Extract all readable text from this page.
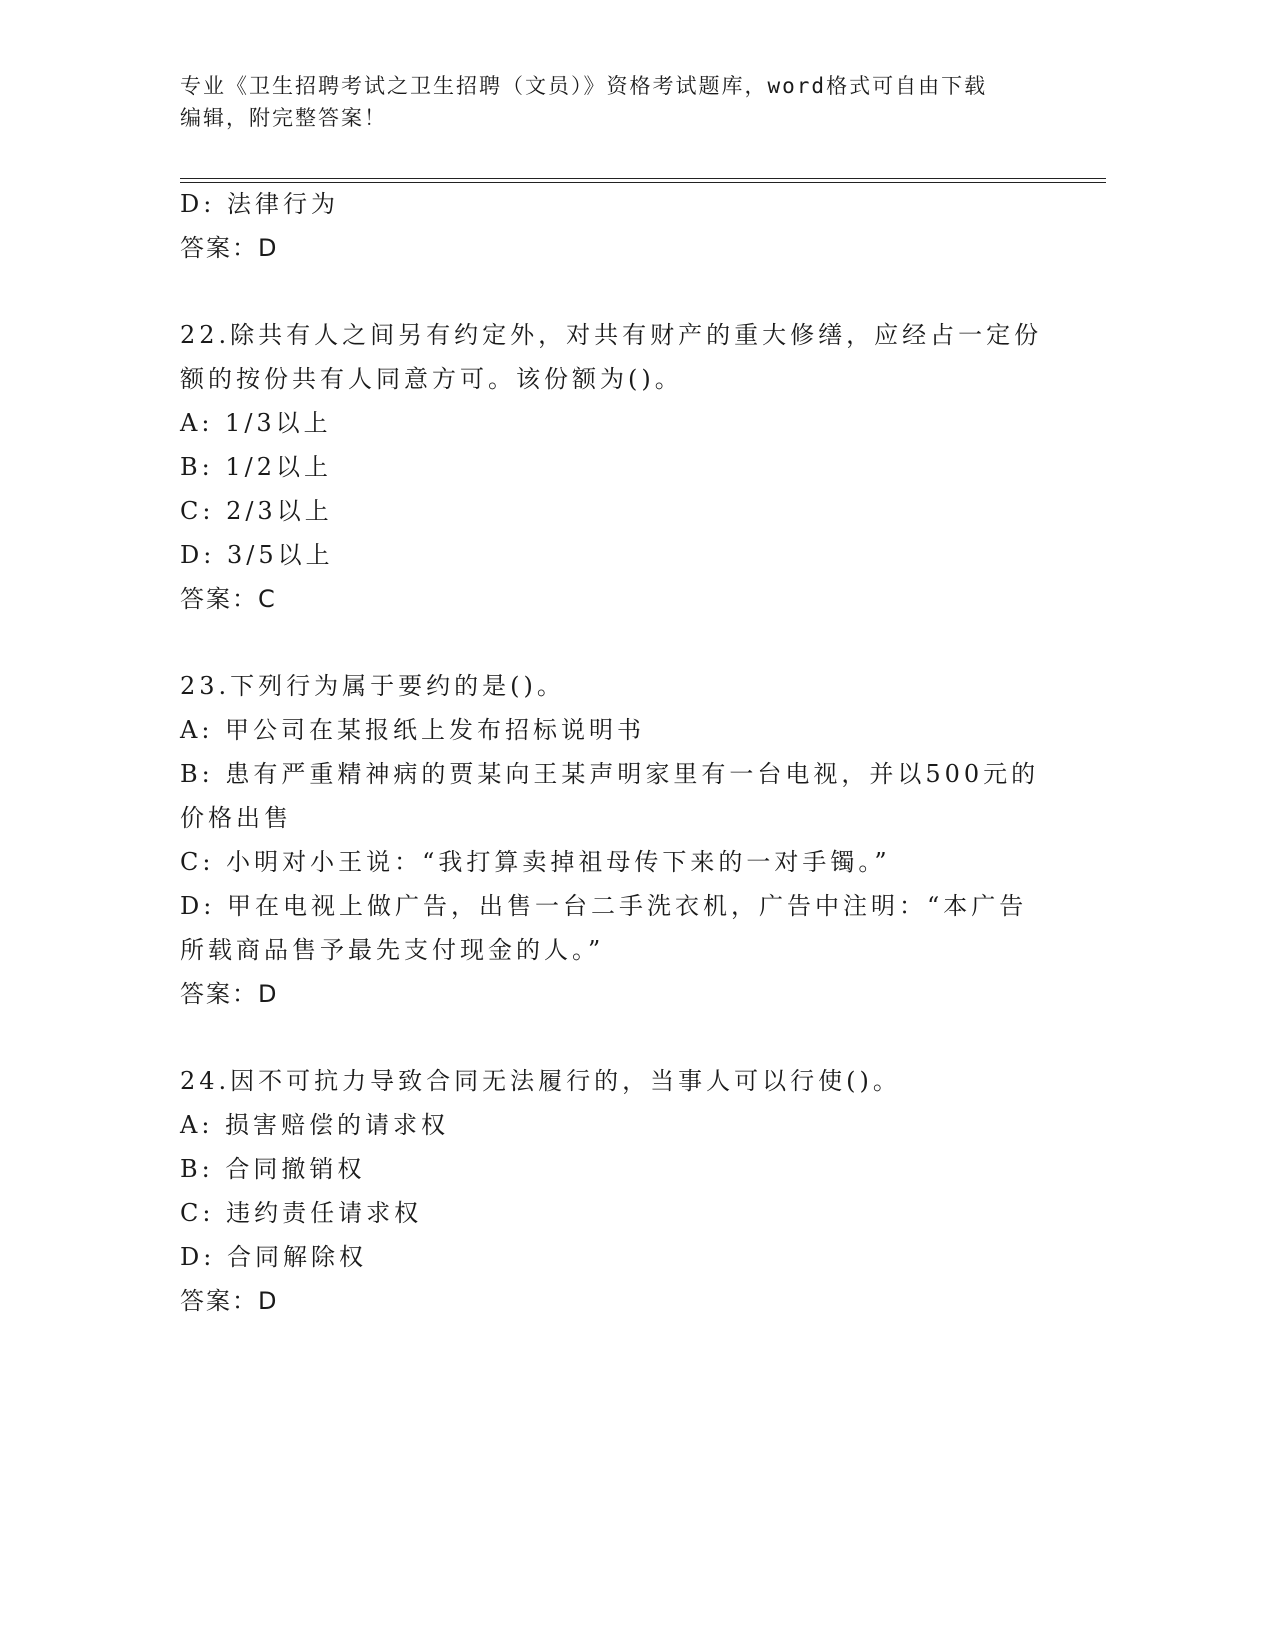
专业《卫生招聘考试之卫生招聘（文员）》资格考试题库，word格式可自由下载
编辑，附完整答案！
D: 法律行为
答案：D
22.除共有人之间另有约定外，对共有财产的重大修缮，应经占一定份
额的按份共有人同意方可。该份额为()。
A: 1/3以上
B: 1/2以上
C: 2/3以上
D: 3/5以上
答案：C
23.下列行为属于要约的是()。
A: 甲公司在某报纸上发布招标说明书
B: 患有严重精神病的贾某向王某声明家里有一台电视，并以500元的
价格出售
C: 小明对小王说：“我打算卖掉祖母传下来的一对手镯。”
D: 甲在电视上做广告，出售一台二手洗衣机，广告中注明：“本广告
所载商品售予最先支付现金的人。”
答案：D
24.因不可抗力导致合同无法履行的，当事人可以行使()。
A: 损害赔偿的请求权
B: 合同撤销权
C: 违约责任请求权
D: 合同解除权
答案：D
